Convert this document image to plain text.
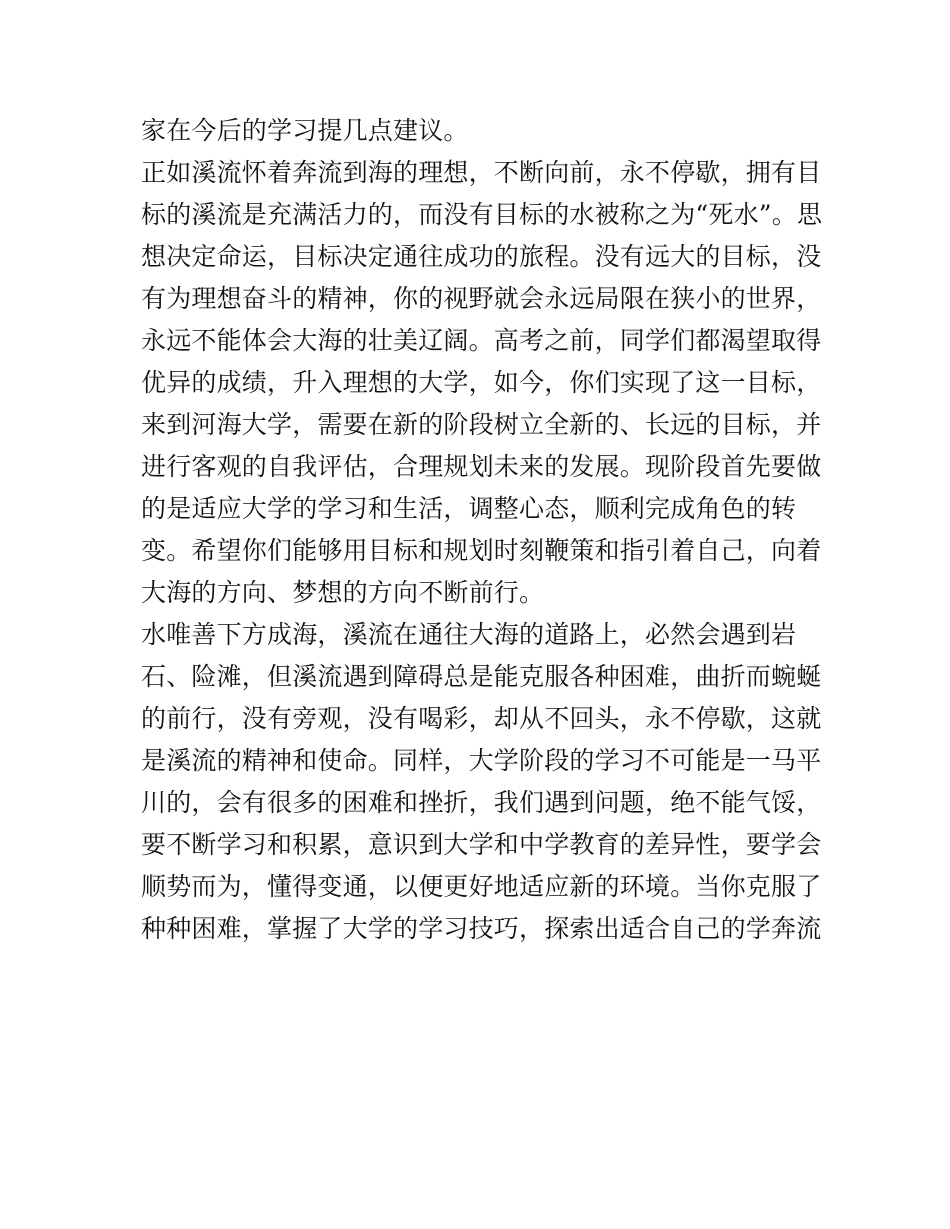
家在今后的学习提几点建议。
正如溪流怀着奔流到海的理想，不断向前，永不停歇，拥有目
标的溪流是充满活力的，而没有目标的水被称之为“死水”。思
想决定命运，目标决定通往成功的旅程。没有远大的目标，没
有为理想奋斗的精神，你的视野就会永远局限在狭小的世界，
永远不能体会大海的壮美辽阔。高考之前，同学们都渴望取得
优异的成绩，升入理想的大学，如今，你们实现了这一目标，
来到河海大学，需要在新的阶段树立全新的、长远的目标，并
进行客观的自我评估，合理规划未来的发展。现阶段首先要做
的是适应大学的学习和生活，调整心态，顺利完成角色的转
变。希望你们能够用目标和规划时刻鞭策和指引着自己，向着
大海的方向、梦想的方向不断前行。
水唯善下方成海，溪流在通往大海的道路上，必然会遇到岩
石、险滩，但溪流遇到障碍总是能克服各种困难，曲折而蜿蜒
的前行，没有旁观，没有喝彩，却从不回头，永不停歇，这就
是溪流的精神和使命。同样，大学阶段的学习不可能是一马平
川的，会有很多的困难和挫折，我们遇到问题，绝不能气馁，
要不断学习和积累，意识到大学和中学教育的差异性，要学会
顺势而为，懂得变通，以便更好地适应新的环境。当你克服了
种种困难，掌握了大学的学习技巧，探索出适合自己的学奔流
